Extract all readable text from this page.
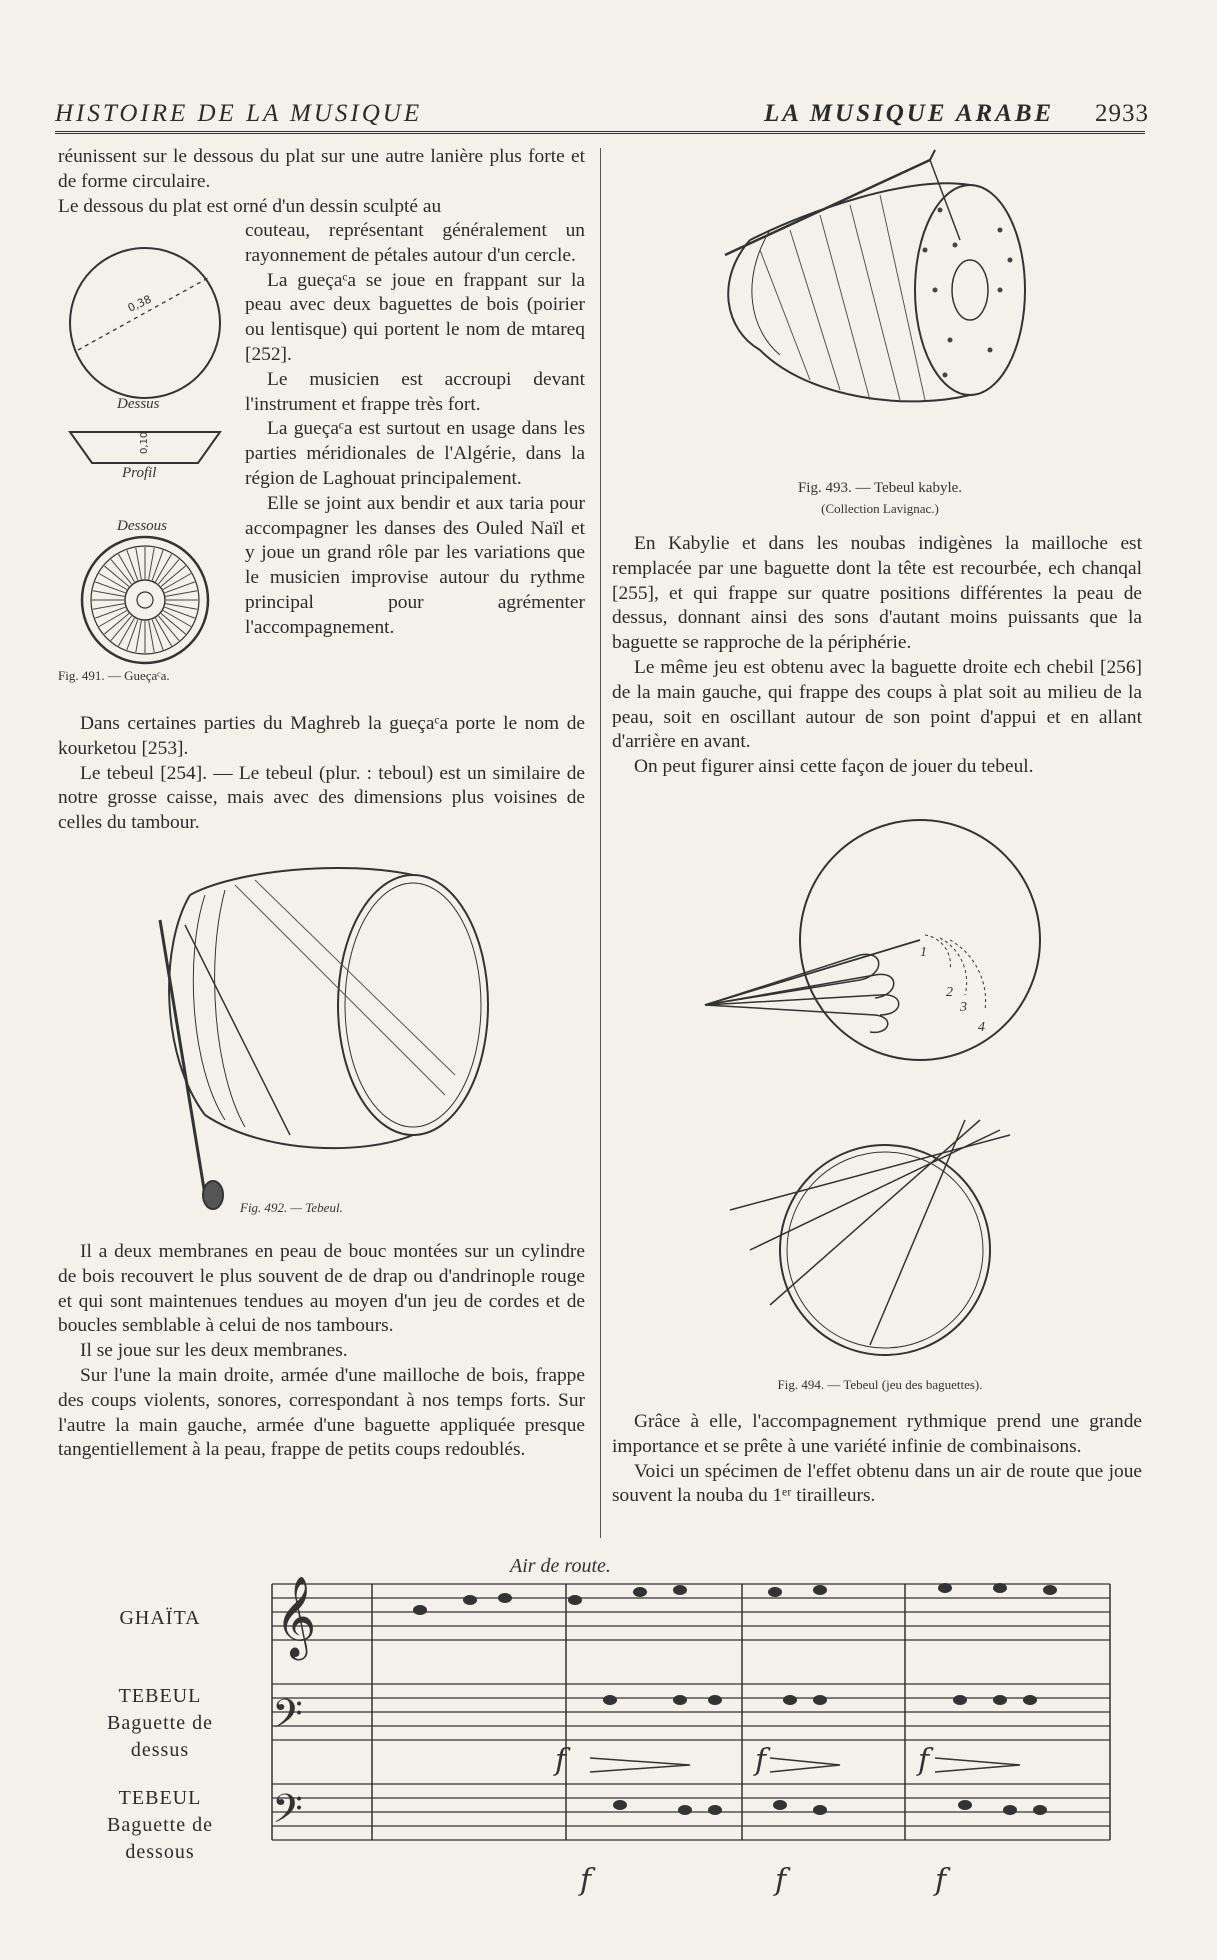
HISTOIRE DE LA MUSIQUE	LA MUSIQUE ARABE 2933

réunissent sur le dessous du plat sur une autre lanière plus forte et de forme circulaire.

Le dessous du plat est orné d'un dessin sculpté au

0,38
0,10
Dessus
Profil
Dessous
Fig. 491. — Gueçaᶜa.

couteau, représentant généralement un rayonnement de pétales autour d'un cercle.

La gueçaᶜa se joue en frappant sur la peau avec deux baguettes de bois (poirier ou lentisque) qui portent le nom de mtareq [252].

Le musicien est accroupi devant l'instrument et frappe très fort.

La gueçaᶜa est surtout en usage dans les parties méridionales de l'Algérie, dans la région de Laghouat principalement.

Elle se joint aux bendir et aux taria pour accompagner les danses des Ouled Naïl et y joue un grand rôle par les variations que le musicien improvise autour du rythme principal pour agrémenter l'accompagnement.

Dans certaines parties du Maghreb la gueçaᶜa porte le nom de kourketou [253].

Le tebeul [254]. — Le tebeul (plur. : teboul) est un similaire de notre grosse caisse, mais avec des dimensions plus voisines de celles du tambour.

Fig. 492. — Tebeul.

Il a deux membranes en peau de bouc montées sur un cylindre de bois recouvert le plus souvent de de drap ou d'andrinople rouge et qui sont maintenues tendues au moyen d'un jeu de cordes et de boucles semblable à celui de nos tambours.

Il se joue sur les deux membranes.

Sur l'une la main droite, armée d'une mailloche de bois, frappe des coups violents, sonores, correspondant à nos temps forts. Sur l'autre la main gauche, armée d'une baguette appliquée presque tangentiellement à la peau, frappe de petits coups redoublés.

Fig. 493. — Tebeul kabyle.
(Collection Lavignac.)

En Kabylie et dans les noubas indigènes la mailloche est remplacée par une baguette dont la tête est recourbée, ech chanqal [255], et qui frappe sur quatre positions différentes la peau de dessus, donnant ainsi des sons d'autant moins puissants que la baguette se rapproche de la périphérie.

Le même jeu est obtenu avec la baguette droite ech chebil [256] de la main gauche, qui frappe des coups à plat soit au milieu de la peau, soit en oscillant autour de son point d'appui et en allant d'arrière en avant.

On peut figurer ainsi cette façon de jouer du tebeul.

1
2
3
4
Fig. 494. — Tebeul (jeu des baguettes).

Grâce à elle, l'accompagnement rythmique prend une grande importance et se prête à une variété infinie de combinaisons.

Voici un spécimen de l'effet obtenu dans un air de route que joue souvent la nouba du 1ᵉʳ tirailleurs.

Air de route.
GHAÏTA
TEBEUL
Baguette de
dessus
TEBEUL
Baguette de
dessous
𝄞
𝄢
𝄢
f	f	f
f	f	f
